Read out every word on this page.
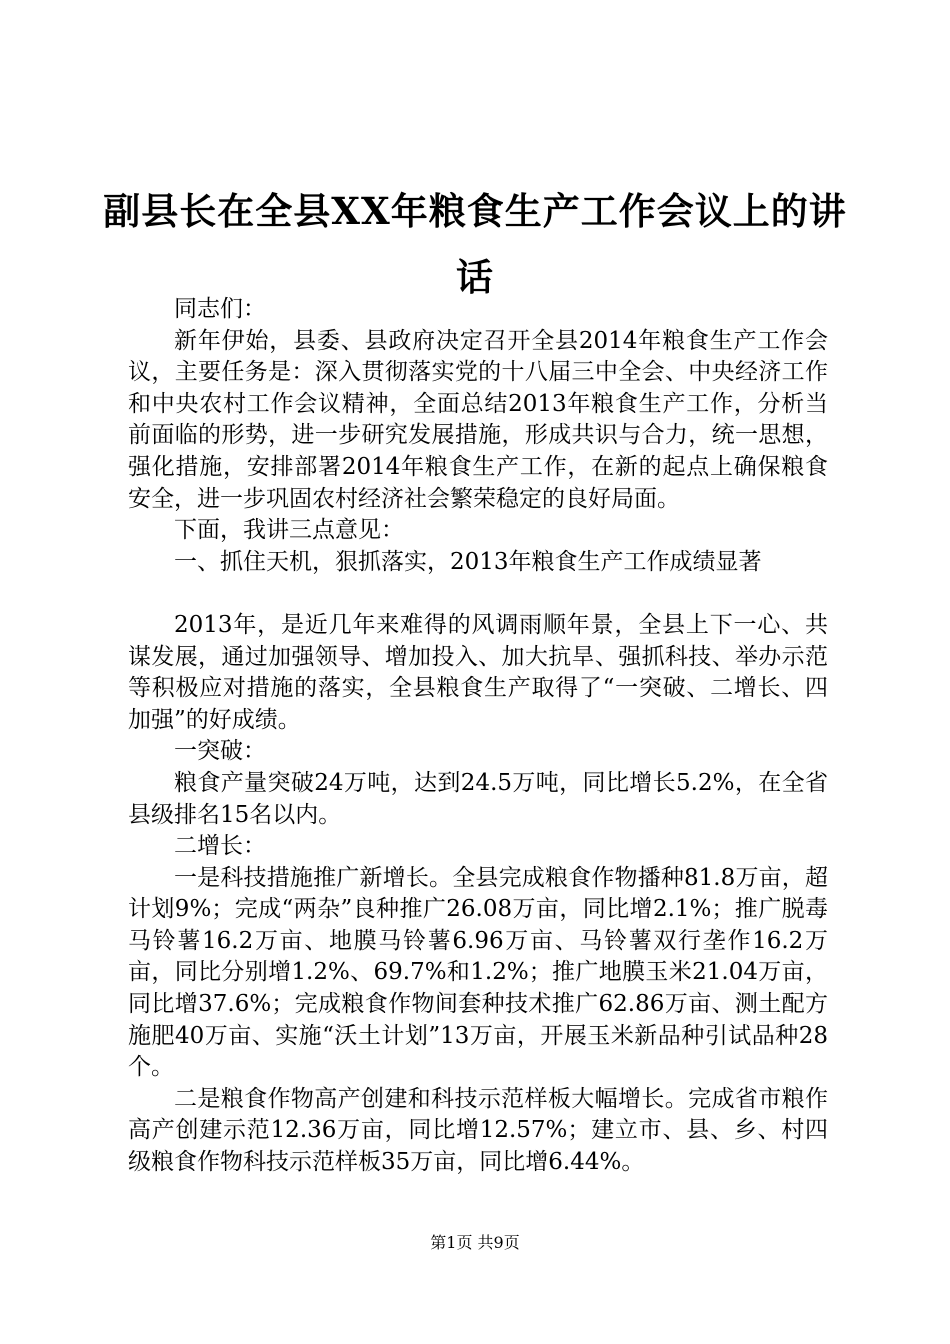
副县长在全县XX年粮食生产工作会议上的讲
话

同志们：

新年伊始，县委、县政府决定召开全县2014年粮食生产工作会议，主要任务是：深入贯彻落实党的十八届三中全会、中央经济工作和中央农村工作会议精神，全面总结2013年粮食生产工作，分析当前面临的形势，进一步研究发展措施，形成共识与合力，统一思想，强化措施，安排部署2014年粮食生产工作，在新的起点上确保粮食安全，进一步巩固农村经济社会繁荣稳定的良好局面。

下面，我讲三点意见：

一、抓住天机，狠抓落实，2013年粮食生产工作成绩显著

2013年，是近几年来难得的风调雨顺年景，全县上下一心、共谋发展，通过加强领导、增加投入、加大抗旱、强抓科技、举办示范等积极应对措施的落实，全县粮食生产取得了“一突破、二增长、四加强”的好成绩。

一突破：

粮食产量突破24万吨，达到24.5万吨，同比增长5.2%，在全省县级排名15名以内。

二增长：

一是科技措施推广新增长。全县完成粮食作物播种81.8万亩，超计划9%；完成“两杂”良种推广26.08万亩，同比增2.1%；推广脱毒马铃薯16.2万亩、地膜马铃薯6.96万亩、马铃薯双行垄作16.2万亩，同比分别增1.2%、69.7%和1.2%；推广地膜玉米21.04万亩，同比增37.6%；完成粮食作物间套种技术推广62.86万亩、测土配方施肥40万亩、实施“沃土计划”13万亩，开展玉米新品种引试品种28个。

二是粮食作物高产创建和科技示范样板大幅增长。完成省市粮作高产创建示范12.36万亩，同比增12.57%；建立市、县、乡、村四级粮食作物科技示范样板35万亩，同比增6.44%。

第1页 共9页
